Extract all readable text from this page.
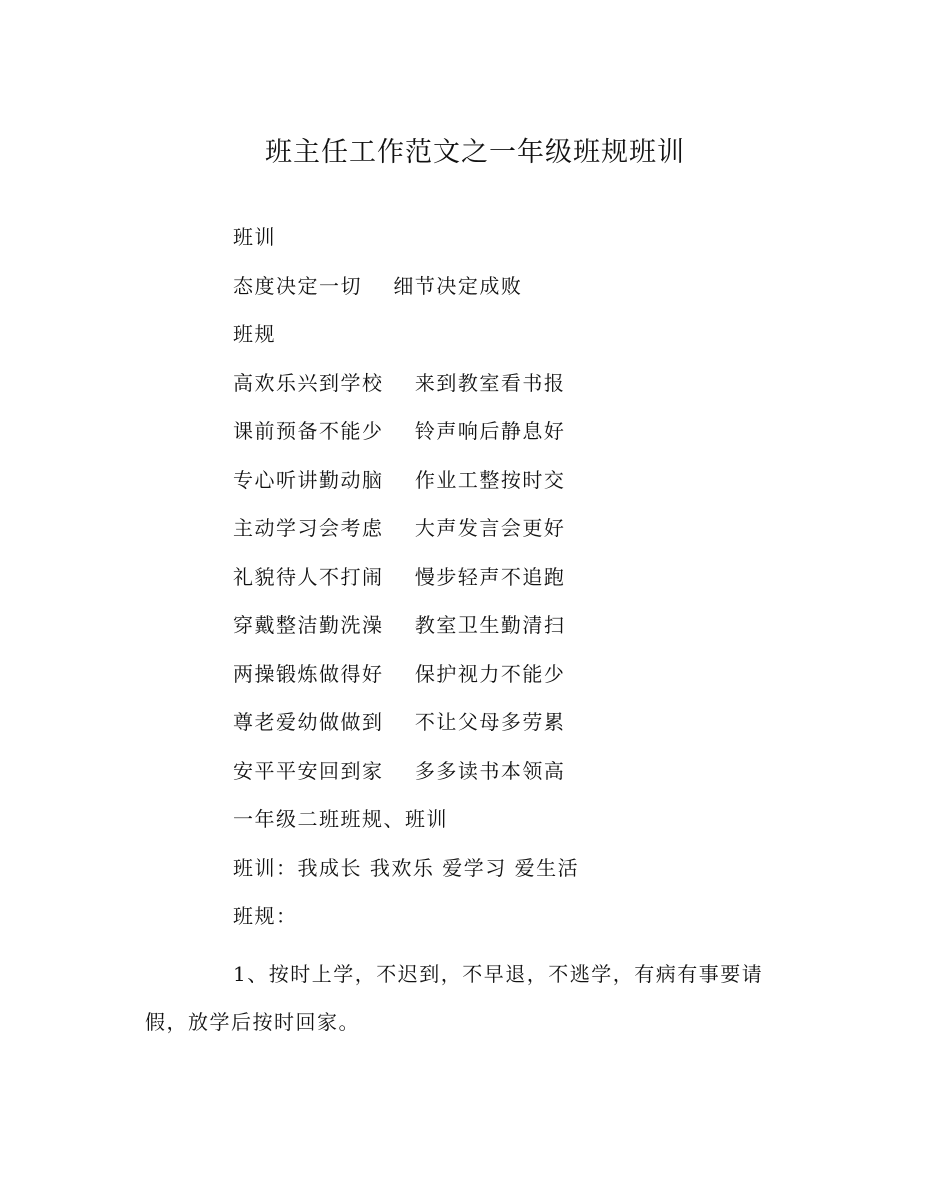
班主任工作范文之一年级班规班训
班训
态度决定一切    细节决定成败
班规
高欢乐兴到学校    来到教室看书报
课前预备不能少    铃声响后静息好
专心听讲勤动脑    作业工整按时交
主动学习会考虑    大声发言会更好
礼貌待人不打闹    慢步轻声不追跑
穿戴整洁勤洗澡    教室卫生勤清扫
两操锻炼做得好    保护视力不能少
尊老爱幼做做到    不让父母多劳累
安平平安回到家    多多读书本领高
一年级二班班规、班训
班训：我成长 我欢乐 爱学习 爱生活
班规：

1、按时上学，不迟到，不早退，不逃学，有病有事要请假，放学后按时回家。
